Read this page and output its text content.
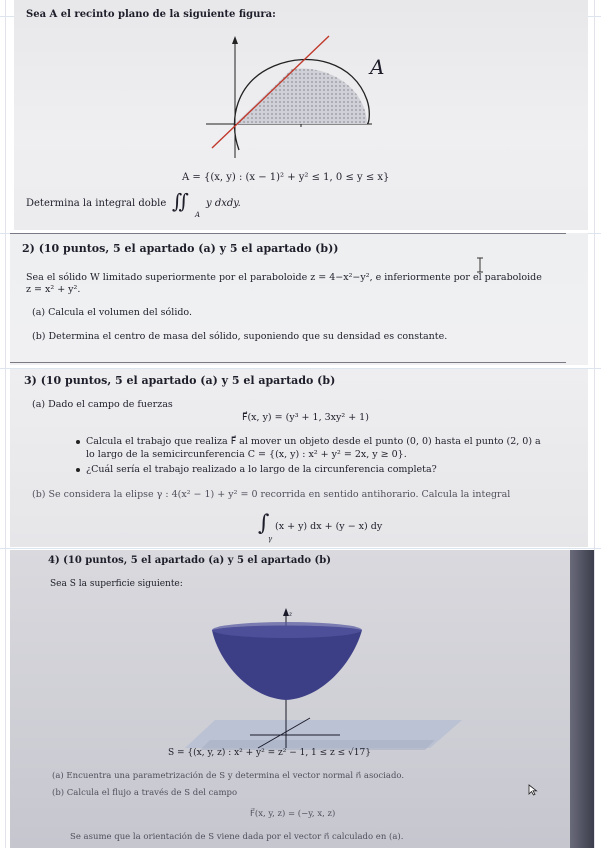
Sea A el recinto plano de la siguiente figura:
A
A = {(x, y) : (x − 1)² + y² ≤ 1, 0 ≤ y ≤ x}
Determina la integral doble ∬
A
y dxdy.
2) (10 puntos, 5 el apartado (a) y 5 el apartado (b))
Sea el sólido W limitado superiormente por el paraboloide z = 4−x²−y², e inferiormente por el paraboloide
z = x² + y².
(a) Calcula el volumen del sólido.
(b) Determina el centro de masa del sólido, suponiendo que su densidad es constante.
3) (10 puntos, 5 el apartado (a) y 5 el apartado (b)
(a) Dado el campo de fuerzas
F⃗(x, y) = (y³ + 1, 3xy² + 1)
Calcula el trabajo que realiza F⃗ al mover un objeto desde el punto (0, 0) hasta el punto (2, 0) a
lo largo de la semicircunferencia C = {(x, y) : x² + y² = 2x, y ≥ 0}.
¿Cuál sería el trabajo realizado a lo largo de la circunferencia completa?
(b) Se considera la elipse γ : 4(x² − 1) + y² = 0 recorrida en sentido antihorario. Calcula la integral
∫
γ
(x + y) dx + (y − x) dy
4) (10 puntos, 5 el apartado (a) y 5 el apartado (b)
Sea S la superficie siguiente:
z
S = {(x, y, z) : x² + y² = z² − 1, 1 ≤ z ≤ √17}
(a) Encuentra una parametrización de S y determina el vector normal n⃗ asociado.
(b) Calcula el flujo a través de S del campo
F⃗(x, y, z) = (−y, x, z)
Se asume que la orientación de S viene dada por el vector n⃗ calculado en (a).
